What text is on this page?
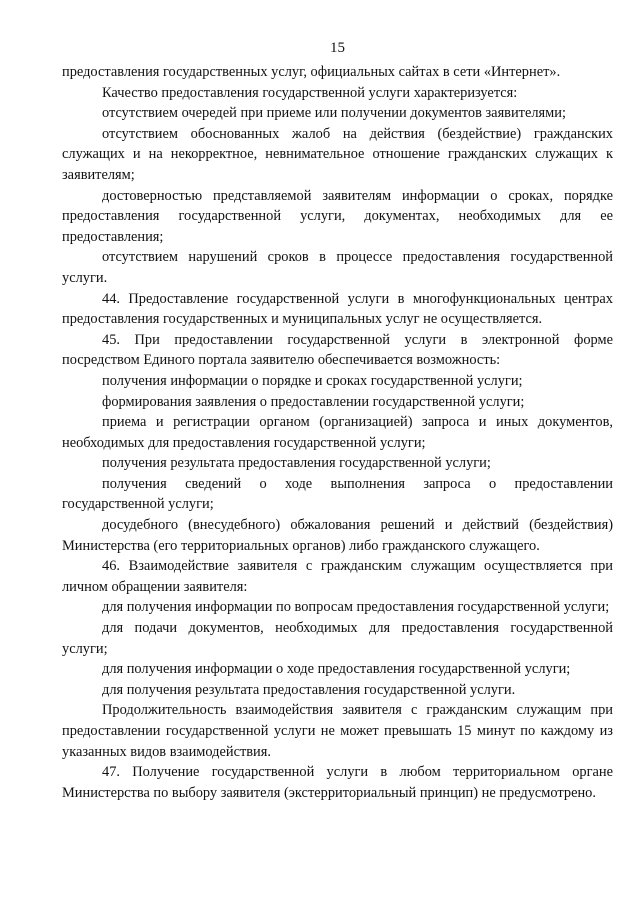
15

предоставления государственных услуг, официальных сайтах в сети «Интернет».

Качество предоставления государственной услуги характеризуется:

отсутствием очередей при приеме или получении документов заявителями;

отсутствием обоснованных жалоб на действия (бездействие) гражданских служащих и на некорректное, невнимательное отношение гражданских служащих к заявителям;

достоверностью представляемой заявителям информации о сроках, порядке предоставления государственной услуги, документах, необходимых для ее предоставления;

отсутствием нарушений сроков в процессе предоставления государственной услуги.

44. Предоставление государственной услуги в многофункциональных центрах предоставления государственных и муниципальных услуг не осуществляется.

45. При предоставлении государственной услуги в электронной форме посредством Единого портала заявителю обеспечивается возможность:

получения информации о порядке и сроках государственной услуги;

формирования заявления о предоставлении государственной услуги;

приема и регистрации органом (организацией) запроса и иных документов, необходимых для предоставления государственной услуги;

получения результата предоставления государственной услуги;

получения сведений о ходе выполнения запроса о предоставлении государственной услуги;

досудебного (внесудебного) обжалования решений и действий (бездействия) Министерства (его территориальных органов) либо гражданского служащего.

46. Взаимодействие заявителя с гражданским служащим осуществляется при личном обращении заявителя:

для получения информации по вопросам предоставления государственной услуги;

для подачи документов, необходимых для предоставления государственной услуги;

для получения информации о ходе предоставления государственной услуги;

для получения результата предоставления государственной услуги.

Продолжительность взаимодействия заявителя с гражданским служащим при предоставлении государственной услуги не может превышать 15 минут по каждому из указанных видов взаимодействия.

47. Получение государственной услуги в любом территориальном органе Министерства по выбору заявителя (экстерриториальный принцип) не предусмотрено.
